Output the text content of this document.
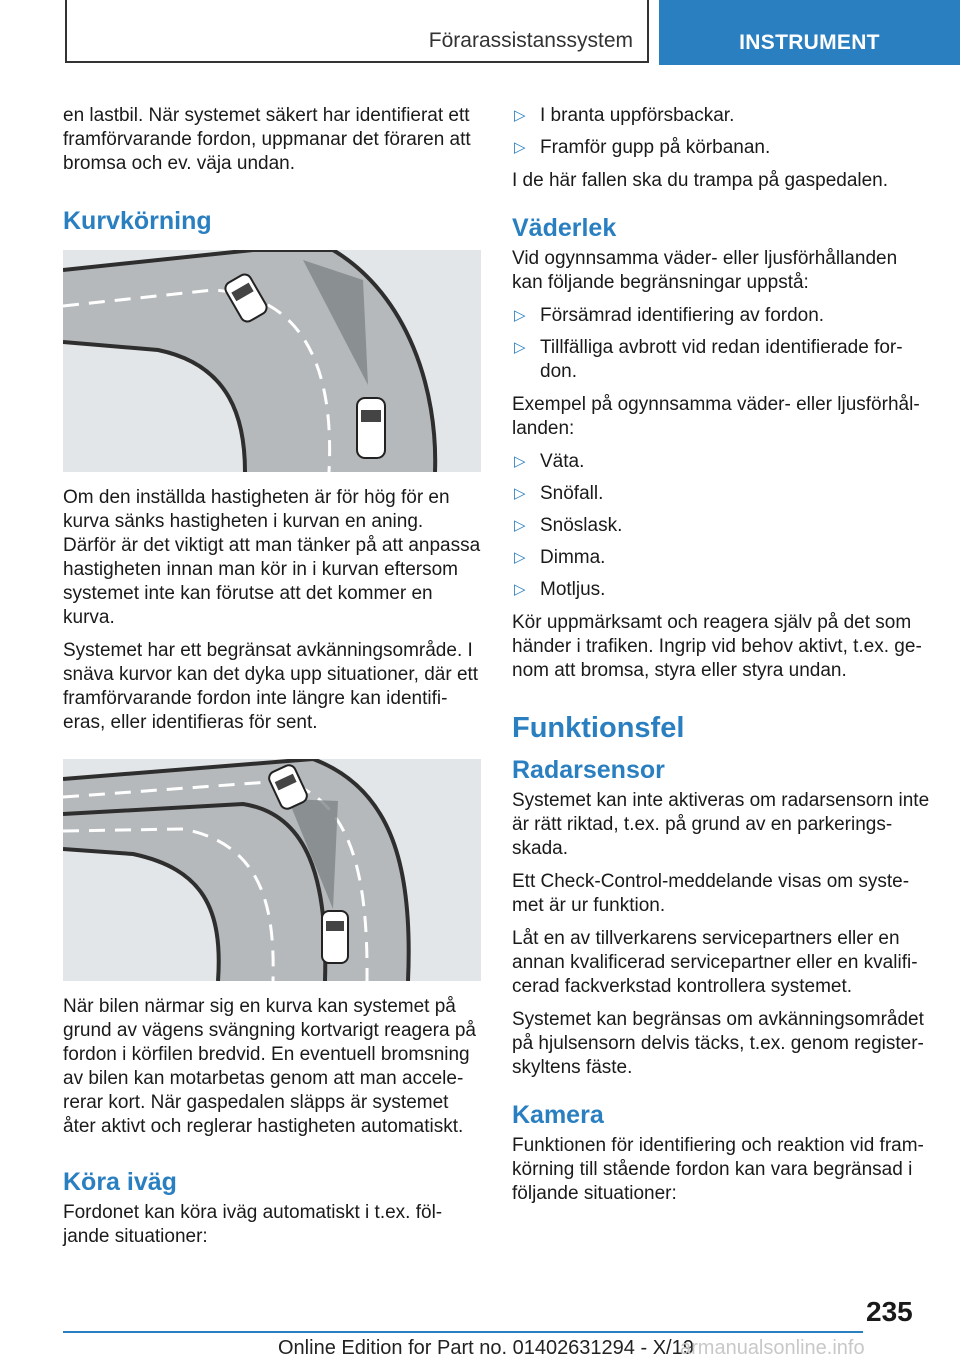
Förarassistanssystem	INSTRUMENT

en lastbil. När systemet säkert har identifierat ett framförvarande fordon, uppmanar det föraren att bromsa och ev. väja undan.

Kurvkörning

Om den inställda hastigheten är för hög för en kurva sänks hastigheten i kurvan en aning. Därför är det viktigt att man tänker på att anpassa hastigheten innan man kör in i kurvan eftersom systemet inte kan förutse att det kommer en kurva.

Systemet har ett begränsat avkänningsområde. I snäva kurvor kan det dyka upp situationer, där ett framförvarande fordon inte längre kan identifieras, eller identifieras för sent.

När bilen närmar sig en kurva kan systemet på grund av vägens svängning kortvarigt reagera på fordon i körfilen bredvid. En eventuell bromsning av bilen kan motarbetas genom att man accelererar kort. När gaspedalen släpps är systemet åter aktivt och reglerar hastigheten automatiskt.

Köra iväg

Fordonet kan köra iväg automatiskt i t.ex. följande situationer:

▷ I branta uppförsbackar.
▷ Framför gupp på körbanan.

I de här fallen ska du trampa på gaspedalen.

Väderlek

Vid ogynnsamma väder- eller ljusförhållanden kan följande begränsningar uppstå:

▷ Försämrad identifiering av fordon.
▷ Tillfälliga avbrott vid redan identifierade fordon.

Exempel på ogynnsamma väder- eller ljusförhållanden:

▷ Väta.
▷ Snöfall.
▷ Snöslask.
▷ Dimma.
▷ Motljus.

Kör uppmärksamt och reagera själv på det som händer i trafiken. Ingrip vid behov aktivt, t.ex. genom att bromsa, styra eller styra undan.

Funktionsfel
Radarsensor

Systemet kan inte aktiveras om radarsensorn inte är rätt riktad, t.ex. på grund av en parkeringsskada.

Ett Check-Control-meddelande visas om systemet är ur funktion.

Låt en av tillverkarens servicepartners eller en annan kvalificerad servicepartner eller en kvalificerad fackverkstad kontrollera systemet.

Systemet kan begränsas om avkänningsområdet på hjulsensorn delvis täcks, t.ex. genom registerskyltens fäste.

Kamera

Funktionen för identifiering och reaktion vid framkörning till stående fordon kan vara begränsad i följande situationer:

235
Online Edition for Part no. 01402631294 - X/19
armanualsonline.info
